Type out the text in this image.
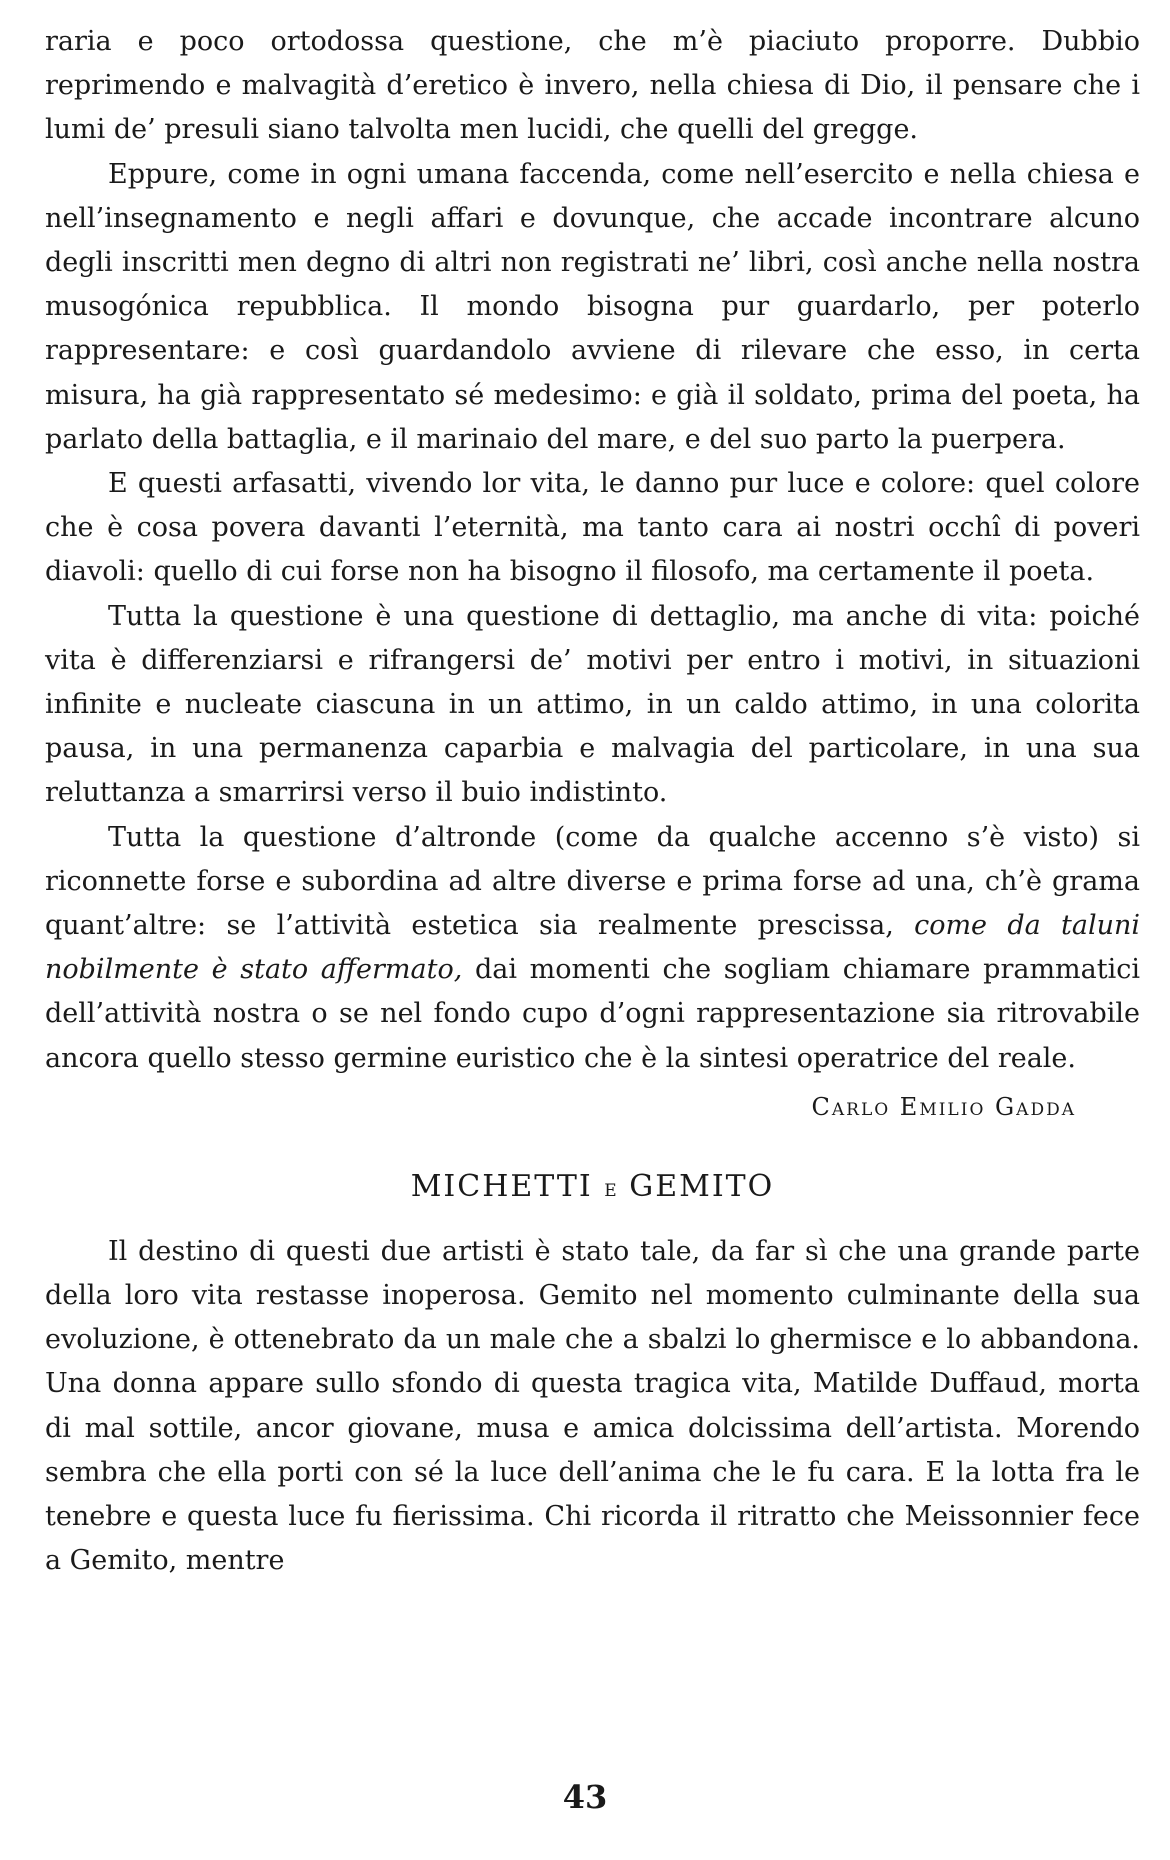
raria e poco ortodossa questione, che m’è piaciuto proporre. Dubbio reprimendo e malvagità d’eretico è invero, nella chiesa di Dio, il pensare che i lumi de’ presuli siano talvolta men lucidi, che quelli del gregge.

Eppure, come in ogni umana faccenda, come nell’esercito e nella chiesa e nell’insegnamento e negli affari e dovunque, che accade incontrare alcuno degli inscritti men degno di altri non registrati ne’ libri, così anche nella nostra musogónica repubblica. Il mondo bisogna pur guardarlo, per poterlo rappresentare: e così guardandolo avviene di rilevare che esso, in certa misura, ha già rappresentato sé medesimo: e già il soldato, prima del poeta, ha parlato della battaglia, e il marinaio del mare, e del suo parto la puerpera.

E questi arfasatti, vivendo lor vita, le danno pur luce e colore: quel colore che è cosa povera davanti l’eternità, ma tanto cara ai nostri occhî di poveri diavoli: quello di cui forse non ha bisogno il filosofo, ma certamente il poeta.

Tutta la questione è una questione di dettaglio, ma anche di vita: poiché vita è differenziarsi e rifrangersi de’ motivi per entro i motivi, in situazioni infinite e nucleate ciascuna in un attimo, in un caldo attimo, in una colorita pausa, in una permanenza caparbia e malvagia del particolare, in una sua reluttanza a smarrirsi verso il buio indistinto.

Tutta la questione d’altronde (come da qualche accenno s’è visto) si riconnette forse e subordina ad altre diverse e prima forse ad una, ch’è grama quant’altre: se l’attività estetica sia realmente prescissa, come da taluni nobilmente è stato affermato, dai momenti che sogliam chiamare prammatici dell’attività nostra o se nel fondo cupo d’ogni rappresentazione sia ritrovabile ancora quello stesso germine euristico che è la sintesi operatrice del reale.

Carlo Emilio Gadda

MICHETTI e GEMITO

Il destino di questi due artisti è stato tale, da far sì che una grande parte della loro vita restasse inoperosa. Gemito nel momento culminante della sua evoluzione, è ottenebrato da un male che a sbalzi lo ghermisce e lo abbandona. Una donna appare sullo sfondo di questa tragica vita, Matilde Duffaud, morta di mal sottile, ancor giovane, musa e amica dolcissima dell’artista. Morendo sembra che ella porti con sé la luce dell’anima che le fu cara. E la lotta fra le tenebre e questa luce fu fierissima. Chi ricorda il ritratto che Meissonnier fece a Gemito, mentre

43
